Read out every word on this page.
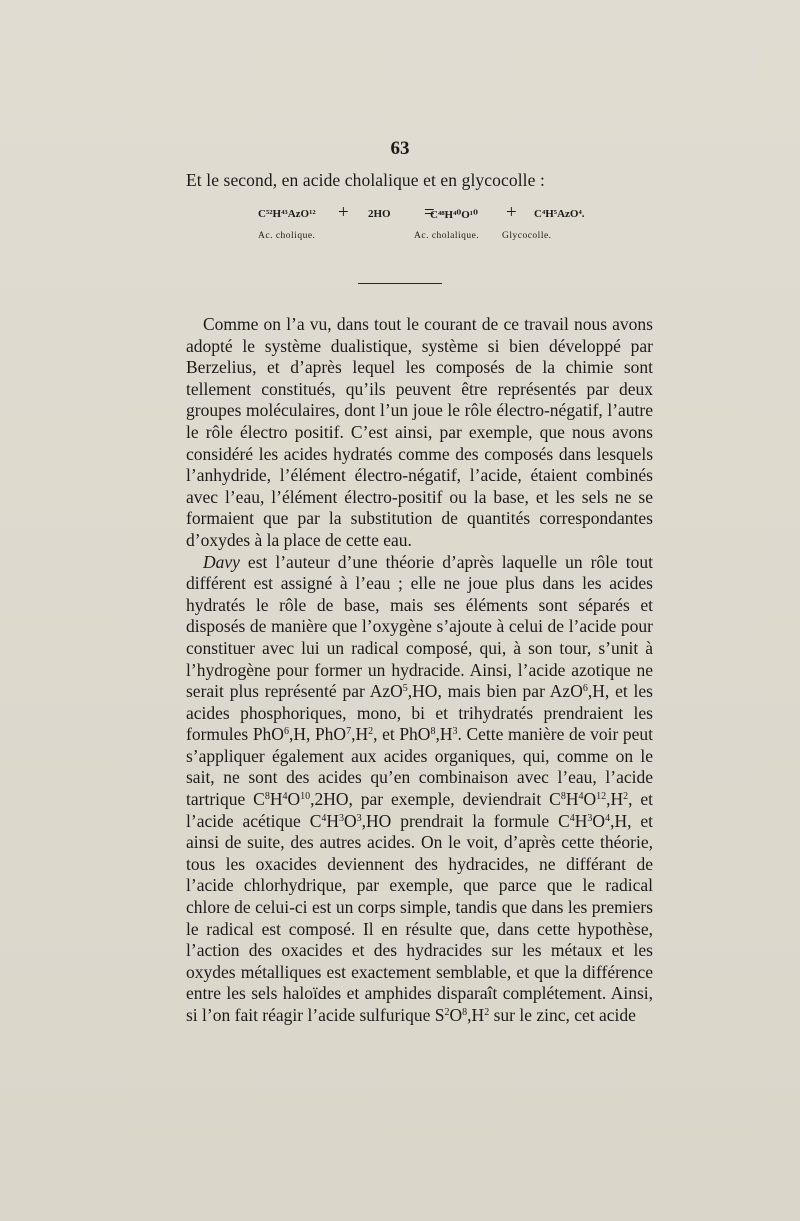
63
Et le second, en acide cholalique et en glycocolle :
C⁵²H⁴³AzO¹² + 2HO =
C⁴⁸H⁴⁰O¹⁰ + C⁴H⁵AzO⁴.
Ac. cholique.	Ac. cholalique. Glycocolle.

Comme on l’a vu, dans tout le courant de ce travail nous avons adopté le système dualistique, système si bien développé par Berzelius, et d’après lequel les composés de la chimie sont tellement constitués, qu’ils peuvent être représentés par deux groupes moléculaires, dont l’un joue le rôle électro-négatif, l’autre le rôle électro positif. C’est ainsi, par exemple, que nous avons considéré les acides hydratés comme des composés dans lesquels l’anhydride, l’élément électro-négatif, l’acide, étaient combinés avec l’eau, l’élément électro-positif ou la base, et les sels ne se formaient que par la substitution de quantités correspondantes d’oxydes à la place de cette eau.

Davy est l’auteur d’une théorie d’après laquelle un rôle tout différent est assigné à l’eau ; elle ne joue plus dans les acides hydratés le rôle de base, mais ses éléments sont séparés et disposés de manière que l’oxygène s’ajoute à celui de l’acide pour constituer avec lui un radical composé, qui, à son tour, s’unit à l’hydrogène pour former un hydracide. Ainsi, l’acide azotique ne serait plus représenté par AzO$^5$,HO, mais bien par AzO$^6$,H, et les acides phosphoriques, mono, bi et trihydratés prendraient les formules PhO$^6$,H, $PhO^7,H^2$, et $PhO^8,H^3$. Cette manière de voir peut s’appliquer également aux acides organiques, qui, comme on le sait, ne sont des acides qu’en combinaison avec l’eau, l’acide tartrique $C^8H^4O^{10},2HO$, par exemple, deviendrait $C^8H^4O^{12},H^2$, et l’acide acétique $C^4H^3O^3,HO$ prendrait la formule $C^4H^3O^4,H$, et ainsi de suite, des autres acides. On le voit, d’après cette théorie, tous les oxacides deviennent des hydracides, ne différant de l’acide chlorhydrique, par exemple, que parce que le radical chlore de celui-ci est un corps simple, tandis que dans les premiers le radical est composé. Il en résulte que, dans cette hypothèse, l’action des oxacides et des hydracides sur les métaux et les oxydes métalliques est exactement semblable, et que la différence entre les sels haloïdes et amphides disparaît complétement. Ainsi, si l’on fait réagir l’acide sulfurique $S^2O^8,H^2$ sur le zinc, cet acide
